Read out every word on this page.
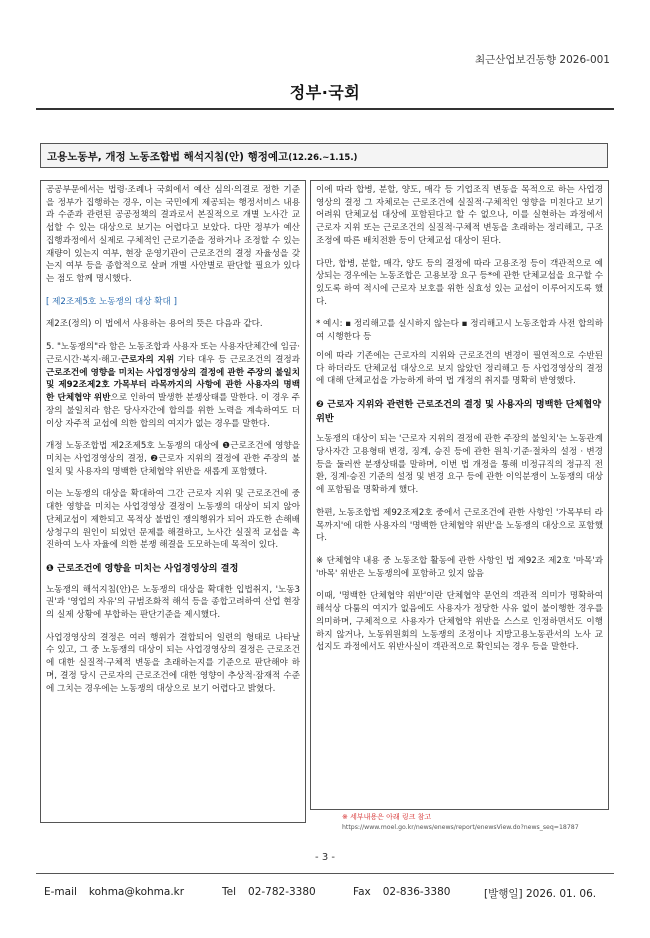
최근산업보건동향 2026-001
정부·국회
고용노동부, 개정 노동조합법 해석지침(안) 행정예고(12.26.~1.15.)

공공부문에서는 법령·조례나 국회에서 예산 심의·의결로 정한 기준을 정부가 집행하는 경우, 이는 국민에게 제공되는 행정서비스 내용과 수준과 관련된 공공정책의 결과로서 본질적으로 개별 노사간 교섭할 수 있는 대상으로 보기는 어렵다고 보았다. 다만 정부가 예산 집행과정에서 실제로 구체적인 근로기준을 정하거나 조정할 수 있는 재량이 있는지 여부, 현장 운영기관이 근로조건의 결정 자율성을 갖는지 여부 등을 종합적으로 살펴 개별 사안별로 판단할 필요가 있다는 점도 함께 명시했다.

[ 제2조제5호 노동쟁의 대상 확대 ]

제2조(정의) 이 법에서 사용하는 용어의 뜻은 다음과 같다.

5. "노동쟁의"라 함은 노동조합과 사용자 또는 사용자단체간에 임금·근로시간·복지·해고·근로자의 지위 기타 대우 등 근로조건의 결정과 근로조건에 영향을 미치는 사업경영상의 결정에 관한 주장의 불일치 및 제92조제2호 가목부터 라목까지의 사항에 관한 사용자의 명백한 단체협약 위반으로 인하여 발생한 분쟁상태를 말한다. 이 경우 주장의 불일치라 함은 당사자간에 합의를 위한 노력을 계속하여도 더 이상 자주적 교섭에 의한 합의의 여지가 없는 경우를 말한다.

개정 노동조합법 제2조제5호 노동쟁의 대상에 ❶근로조건에 영향을 미치는 사업경영상의 결정, ❷근로자 지위의 결정에 관한 주장의 불일치 및 사용자의 명백한 단체협약 위반을 새롭게 포함했다.

이는 노동쟁의 대상을 확대하여 그간 근로자 지위 및 근로조건에 중대한 영향을 미치는 사업경영상 결정이 노동쟁의 대상이 되지 않아 단체교섭이 제한되고 목적상 불법인 쟁의행위가 되어 과도한 손해배상청구의 원인이 되었던 문제를 해결하고, 노사간 실질적 교섭을 촉진하여 노사 자율에 의한 분쟁 해결을 도모하는데 목적이 있다.

❶ 근로조건에 영향을 미치는 사업경영상의 결정

노동쟁의 해석지침(안)은 노동쟁의 대상을 확대한 입법취지, '노동3권'과 '영업의 자유'의 규범조화적 해석 등을 종합고려하여 산업 현장의 실제 상황에 부합하는 판단기준을 제시했다.

사업경영상의 결정은 여러 행위가 결합되어 일련의 형태로 나타날 수 있고, 그 중 노동쟁의 대상이 되는 사업경영상의 결정은 근로조건에 대한 실질적·구체적 변동을 초래하는지를 기준으로 판단해야 하며, 결정 당시 근로자의 근로조건에 대한 영향이 추상적·잠재적 수준에 그치는 경우에는 노동쟁의 대상으로 보기 어렵다고 밝혔다.

이에 따라 합병, 분할, 양도, 매각 등 기업조직 변동을 목적으로 하는 사업경영상의 결정 그 자체로는 근로조건에 실질적·구체적인 영향을 미친다고 보기 어려워 단체교섭 대상에 포함된다고 할 수 없으나, 이를 실현하는 과정에서 근로자 지위 또는 근로조건의 실질적·구체적 변동을 초래하는 정리해고, 구조조정에 따른 배치전환 등이 단체교섭 대상이 된다.

다만, 합병, 분할, 매각, 양도 등의 결정에 따라 고용조정 등이 객관적으로 예상되는 경우에는 노동조합은 고용보장 요구 등*에 관한 단체교섭을 요구할 수 있도록 하여 적시에 근로자 보호를 위한 실효성 있는 교섭이 이루어지도록 했다.

* 예시: ▪ 정리해고를 실시하지 않는다 ▪ 정리해고시 노동조합과 사전 합의하여 시행한다 등

이에 따라 기존에는 근로자의 지위와 근로조건의 변경이 필연적으로 수반된다 하더라도 단체교섭 대상으로 보지 않았던 정리해고 등 사업경영상의 결정에 대해 단체교섭을 가능하게 하여 법 개정의 취지를 명확히 반영했다.

❷ 근로자 지위와 관련한 근로조건의 결정 및 사용자의 명백한 단체협약 위반

노동쟁의 대상이 되는 '근로자 지위의 결정에 관한 주장의 불일치'는 노동관계 당사자간 고용형태 변경, 징계, 승진 등에 관한 원칙·기준·절차의 설정 · 변경 등을 둘러싼 분쟁상태를 말하며, 이번 법 개정을 통해 비정규직의 정규직 전환, 징계·승진 기준의 설정 및 변경 요구 등에 관한 이익분쟁이 노동쟁의 대상에 포함됨을 명확하게 했다.

한편, 노동조합법 제92조제2호 중에서 근로조건에 관한 사항인 '가목부터 라목까지'에 대한 사용자의 '명백한 단체협약 위반'을 노동쟁의 대상으로 포함했다.

※ 단체협약 내용 중 노동조합 활동에 관한 사항인 법 제92조 제2호 '마목'과 '바목' 위반은 노동쟁의에 포함하고 있지 않음

이때, '명백한 단체협약 위반'이란 단체협약 문언의 객관적 의미가 명확하여 해석상 다툼의 여지가 없음에도 사용자가 정당한 사유 없이 불이행한 경우를 의미하며, 구체적으로 사용자가 단체협약 위반을 스스로 인정하면서도 이행하지 않거나, 노동위원회의 노동쟁의 조정이나 지방고용노동관서의 노사 교섭지도 과정에서도 위반사실이 객관적으로 확인되는 경우 등을 말한다.

※ 세부내용은 아래 링크 참고
https://www.moel.go.kr/news/enews/report/enewsView.do?news_seq=18787
- 3 -
E-mail kohma@kohma.kr	Tel 02-782-3380	Fax 02-836-3380	[발행일] 2026. 01. 06.
